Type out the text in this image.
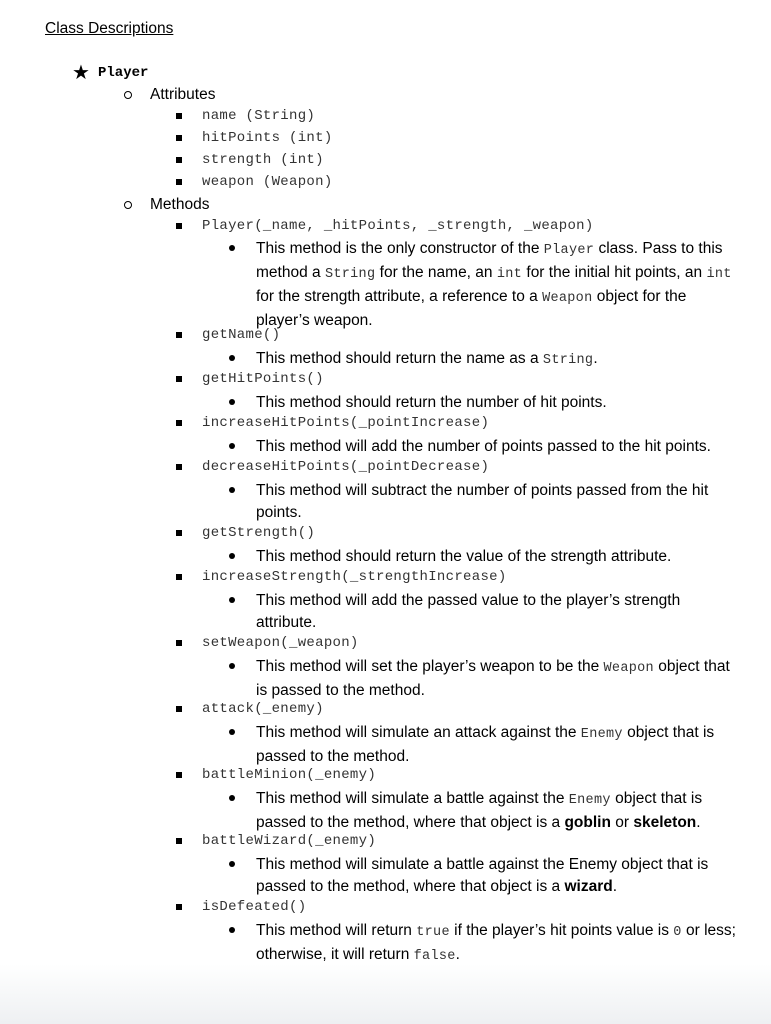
Class Descriptions
★ Player
Attributes
name (String)
hitPoints (int)
strength (int)
weapon (Weapon)
Methods
Player(_name, _hitPoints, _strength, _weapon)
This method is the only constructor of the Player class. Pass to this method a String for the name, an int for the initial hit points, an int for the strength attribute, a reference to a Weapon object for the player’s weapon.
getName()
This method should return the name as a String.
getHitPoints()
This method should return the number of hit points.
increaseHitPoints(_pointIncrease)
This method will add the number of points passed to the hit points.
decreaseHitPoints(_pointDecrease)
This method will subtract the number of points passed from the hit points.
getStrength()
This method should return the value of the strength attribute.
increaseStrength(_strengthIncrease)
This method will add the passed value to the player’s strength attribute.
setWeapon(_weapon)
This method will set the player’s weapon to be the Weapon object that is passed to the method.
attack(_enemy)
This method will simulate an attack against the Enemy object that is passed to the method.
battleMinion(_enemy)
This method will simulate a battle against the Enemy object that is passed to the method, where that object is a goblin or skeleton.
battleWizard(_enemy)
This method will simulate a battle against the Enemy object that is passed to the method, where that object is a wizard.
isDefeated()
This method will return true if the player’s hit points value is 0 or less; otherwise, it will return false.
